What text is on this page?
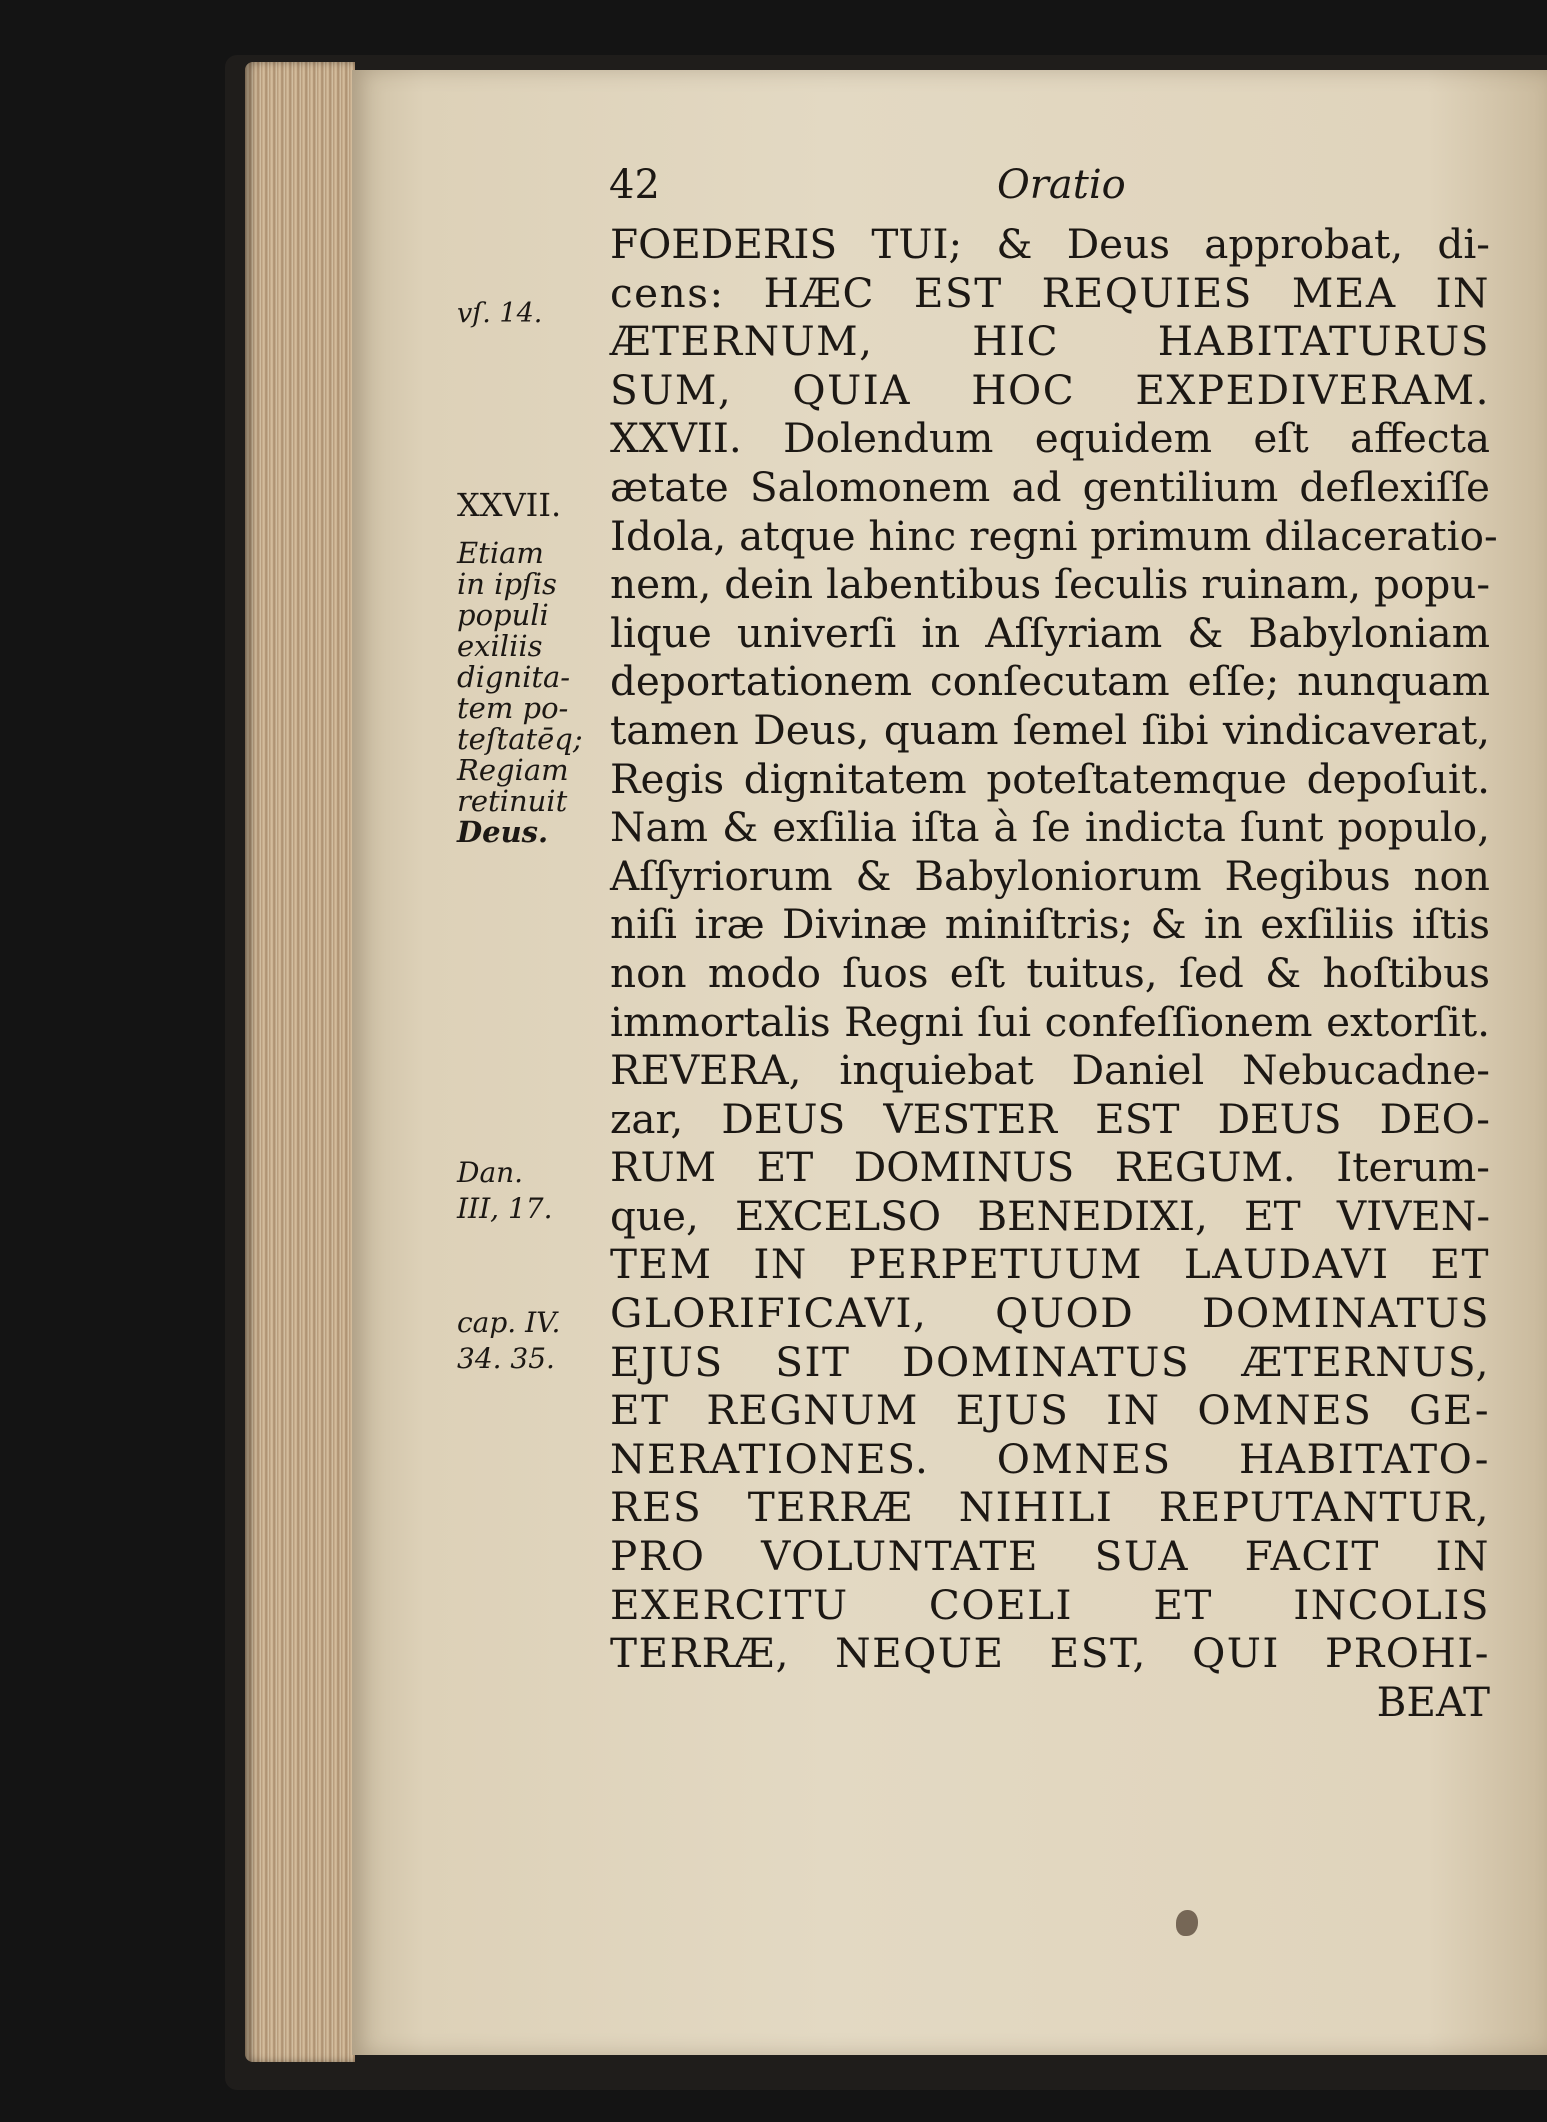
42	Oratio
vſ. 14.
XXVII.
Etiam
in ipſis
populi
exiliis
dignita-
tem po-
teſtatēq;
Regiam
retinuit
Deus.
Dan.
III, 17.
cap. IV.
34. 35.
FOEDERIS TUI; & Deus approbat, di-
cens: HÆC EST REQUIES MEA IN
ÆTERNUM, HIC HABITATURUS
SUM, QUIA HOC EXPEDIVERAM.
XXVII. Dolendum equidem eſt affecta
ætate Salomonem ad gentilium deflexiſſe
Idola, atque hinc regni primum dilaceratio-
nem, dein labentibus ſeculis ruinam, popu-
lique univerſi in Aſſyriam & Babyloniam
deportationem conſecutam eſſe; nunquam
tamen Deus, quam ſemel ſibi vindicaverat,
Regis dignitatem poteſtatemque depoſuit.
Nam & exſilia iſta à ſe indicta ſunt populo,
Aſſyriorum & Babyloniorum Regibus non
niſi iræ Divinæ miniſtris; & in exſiliis iſtis
non modo ſuos eſt tuitus, ſed & hoſtibus
immortalis Regni ſui confeſſionem extorſit.
REVERA, inquiebat Daniel Nebucadne-
zar, DEUS VESTER EST DEUS DEO-
RUM ET DOMINUS REGUM. Iterum-
que, EXCELSO BENEDIXI, ET VIVEN-
TEM IN PERPETUUM LAUDAVI ET
GLORIFICAVI, QUOD DOMINATUS
EJUS SIT DOMINATUS ÆTERNUS,
ET REGNUM EJUS IN OMNES GE-
NERATIONES. OMNES HABITATO-
RES TERRÆ NIHILI REPUTANTUR,
PRO VOLUNTATE SUA FACIT IN
EXERCITU COELI ET INCOLIS
TERRÆ, NEQUE EST, QUI PROHI-
BEAT
